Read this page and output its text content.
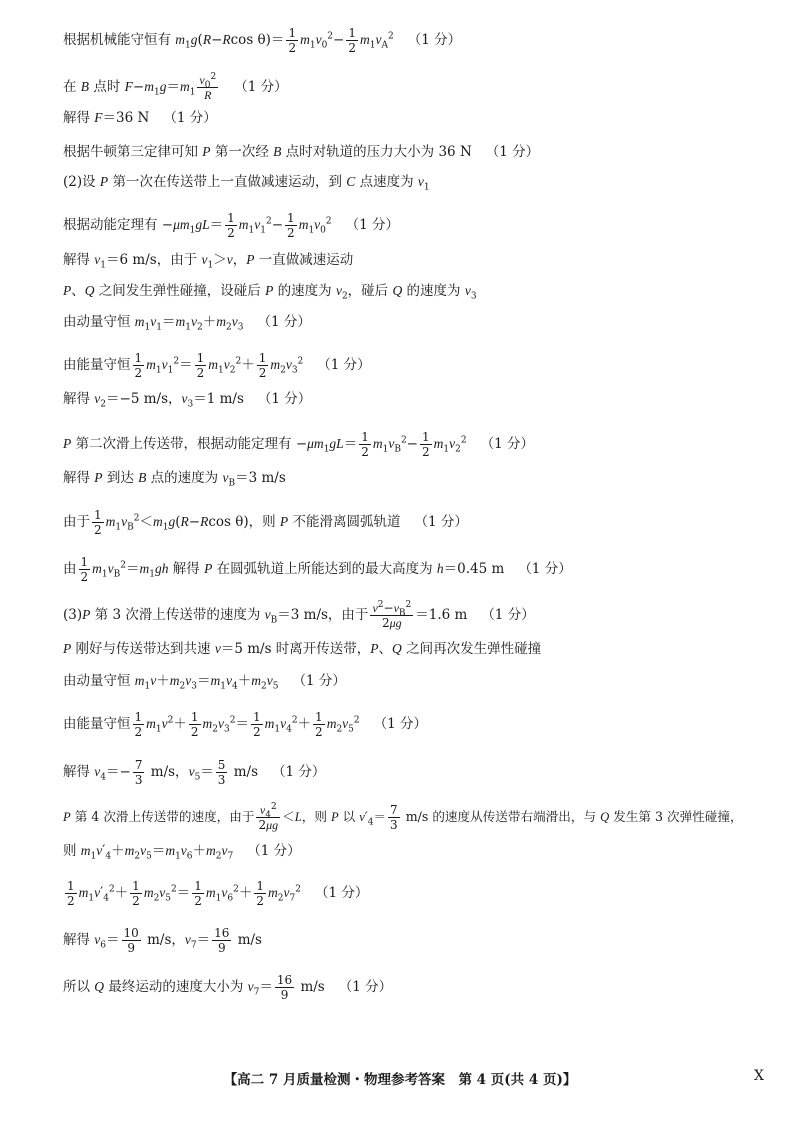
根据机械能守恒有 $m_1g(R-Rcos$ $\theta)= \frac{1}{2} m_1v_0^2- \frac{1}{2} m_1v_A^2$ （1 分）
在 B 点时 $F-m_1g=m_1 \frac{v_0^2}{R} (1$ 分）
解得 F＝36 N （1 分）
根据牛顿第三定律可知 P 第一次经 B 点时对轨道的压力大小为 36 N （1 分）
(2)设 P 第一次在传送带上一直做减速运动，到 C 点速度为 $v_1$
根据动能定理有 $-\mu m_1gL= \frac{1}{2} m_1v_1^2- \frac{1}{2} m_1v_0^2$ （1 分）
解得 $v_1=6$ m/s，由于 $v_1>v$，P 一直做减速运动
P、Q 之间发生弹性碰撞，设碰后 P 的速度为 $v_2$，碰后 Q 的速度为 $v_3$
由动量守恒 $m_1v_1=m_1v_2+m_2v_3$ （1 分）
由能量守恒 $\frac{1}{2} m_1v_1^2= \frac{1}{2} m_1v_2^2+ \frac{1}{2} m_2v_3^2$ （1 分）
解得 $v_2=-5$ m/s，$v_3=1$ m/s （1 分）
P 第二次滑上传送带，根据动能定理有 $-\mu m_1gL= \frac{1}{2} m_1v_B^2- \frac{1}{2} m_1v_2^2$ （1 分）
解得 P 到达 B 点的速度为 $v_B=3$ m/s
由于 $\frac{1}{2} m_1v_B^2<m_1g(R-Rcos$ θ)，则 P 不能滑离圆弧轨道 （1 分）
由 $\frac{1}{2} m_1v_B^2=m_1gh$ 解得 P 在圆弧轨道上所能达到的最大高度为 h＝0.45 m （1 分）
(3)P 第 3 次滑上传送带的速度为 $v_B=3$ m/s，由于 $\frac{v^2-v_B^2}{2\mu g} =1.6$ m （1 分）
P 刚好与传送带达到共速 v＝5 m/s 时离开传送带，P、Q 之间再次发生弹性碰撞
由动量守恒 $m_1v+m_2v_3=m_1v_4+m_2v_5$ （1 分）
由能量守恒 $\frac{1}{2} m_1v^2+ \frac{1}{2} m_2v_3^2= \frac{1}{2} m_1v_4^2+ \frac{1}{2} m_2v_5^2$ （1 分）
解得 $v_4=- \frac{7}{3} m/s$，$v_5= \frac{5}{3} m/s$ （1 分）
P 第 4 次滑上传送带的速度，由于 $\frac{v_4^2}{2\mu g} <L$，则 P 以 $v'_4= \frac{7}{3} m/s$ 的速度从传送带右端滑出，与 Q 发生第 3 次弹性碰撞，
则 $m_1v'_4+m_2v_5=m_1v_6+m_2v_7$ （1 分）
$\frac{1}{2} m_1v'_4^2+ \frac{1}{2} m_2v_5^2= \frac{1}{2} m_1v_6^2+ \frac{1}{2} m_2v_7^2$ （1 分）
解得 $v_6= \frac{10}{9} m/s$，$v_7= \frac{16}{9} m/s$
所以 Q 最终运动的速度大小为 $v_7= \frac{16}{9} m/s$ （1 分）
【高二 7 月质量检测・物理参考答案　第 4 页(共 4 页)】	X
